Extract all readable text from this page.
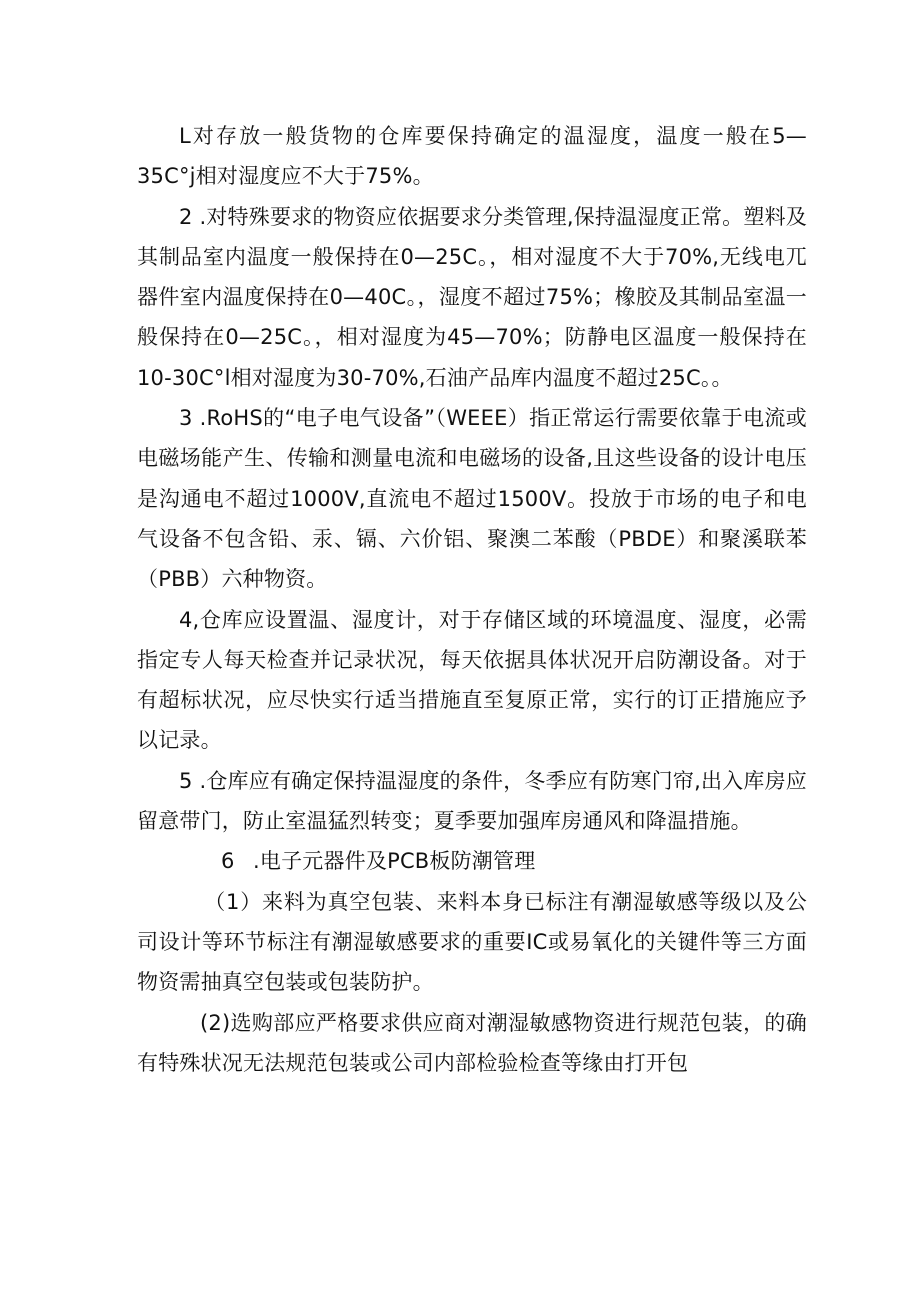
L对存放一般货物的仓库要保持确定的温湿度，温度一般在5—35C°j相对湿度应不大于75%。

2 .对特殊要求的物资应依据要求分类管理,保持温湿度正常。塑料及其制品室内温度一般保持在0—25C。，相对湿度不大于70%,无线电兀器件室内温度保持在0—40C。，湿度不超过75%；橡胶及其制品室温一般保持在0—25C。，相对湿度为45—70%；防静电区温度一般保持在10-30C°l相对湿度为30-70%,石油产品库内温度不超过25C。。

3 .RoHS的“电子电气设备”（WEEE）指正常运行需要依靠于电流或电磁场能产生、传输和测量电流和电磁场的设备,且这些设备的设计电压是沟通电不超过1000V,直流电不超过1500V。投放于市场的电子和电气设备不包含铅、汞、镉、六价铝、聚澳二苯酸（PBDE）和聚溪联苯（PBB）六种物资。

4,仓库应设置温、湿度计，对于存储区域的环境温度、湿度，必需指定专人每天检查并记录状况，每天依据具体状况开启防潮设备。对于有超标状况，应尽快实行适当措施直至复原正常，实行的订正措施应予以记录。

5 .仓库应有确定保持温湿度的条件，冬季应有防寒门帘,出入库房应留意带门，防止室温猛烈转变；夏季要加强库房通风和降温措施。

6 .电子元器件及PCB板防潮管理

（1）来料为真空包装、来料本身已标注有潮湿敏感等级以及公司设计等环节标注有潮湿敏感要求的重要IC或易氧化的关键件等三方面物资需抽真空包装或包装防护。

(2)选购部应严格要求供应商对潮湿敏感物资进行规范包装，的确有特殊状况无法规范包装或公司内部检验检查等缘由打开包
